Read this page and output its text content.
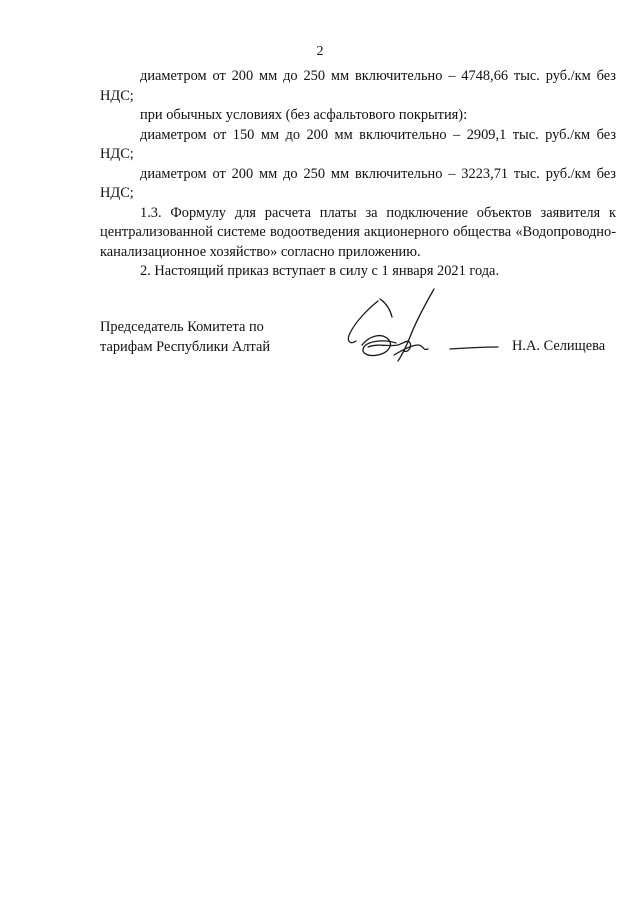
2

диаметром от 200 мм до 250 мм включительно – 4748,66 тыс. руб./км без НДС;

при обычных условиях (без асфальтового покрытия):

диаметром от 150 мм до 200 мм включительно – 2909,1 тыс. руб./км без НДС;

диаметром от 200 мм до 250 мм включительно – 3223,71 тыс. руб./км без НДС;

1.3. Формулу для расчета платы за подключение объектов заявителя к централизованной системе водоотведения акционерного общества «Водопроводно-канализационное хозяйство» согласно приложению.

2. Настоящий приказ вступает в силу с 1 января 2021 года.

Председатель Комитета по
тарифам Республики Алтай	Н.А. Селищева
